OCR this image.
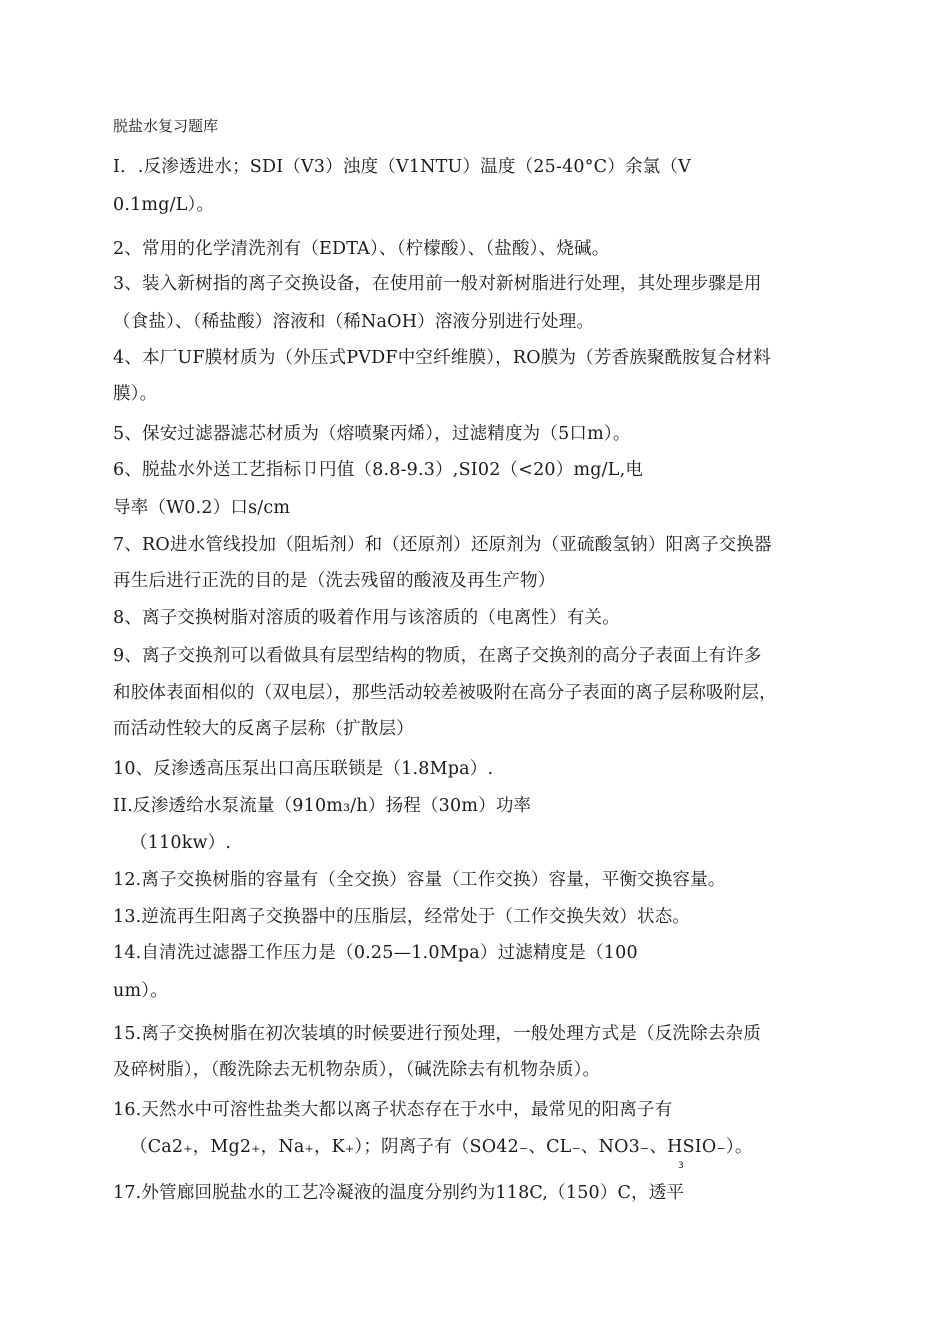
脱盐水复习题库
I．.反渗透进水；SDI（V3）浊度（V1NTU）温度（25-40°C）余氯（V
0.1mg/L）。
2、常用的化学清洗剂有（EDTA）、（柠檬酸）、（盐酸）、烧碱。
3、装入新树指的离子交换设备，在使用前一般对新树脂进行处理，其处理步骤是用
（食盐）、（稀盐酸）溶液和（稀NaOH）溶液分别进行处理。
4、本厂UF膜材质为（外压式PVDF中空纤维膜），RO膜为（芳香族聚酰胺复合材料
膜）。
5、保安过滤器滤芯材质为（熔喷聚丙烯），过滤精度为（5口m）。
6、脱盐水外送工艺指标卩円值（8.8-9.3）,SI02（<20）mg/L,电
导率（W0.2）口s/cm
7、RO进水管线投加（阻垢剂）和（还原剂）还原剂为（亚硫酸氢钠）阳离子交换器
再生后进行正洗的目的是（洗去残留的酸液及再生产物）
8、离子交换树脂对溶质的吸着作用与该溶质的（电离性）有关。
9、离子交换剂可以看做具有层型结构的物质，在离子交换剂的高分子表面上有许多
和胶体表面相似的（双电层），那些活动较差被吸附在高分子表面的离子层称吸附层，
而活动性较大的反离子层称（扩散层）
10、反渗透高压泵出口高压联锁是（1.8Mpa）.
II.反渗透给水泵流量（910m₃/h）扬程（30m）功率
（110kw）.
12.离子交换树脂的容量有（全交换）容量（工作交换）容量，平衡交换容量。
13.逆流再生阳离子交换器中的压脂层，经常处于（工作交换失效）状态。
14.自清洗过滤器工作压力是（0.25—1.0Mpa）过滤精度是（100
um）。
15.离子交换树脂在初次装填的时候要进行预处理，一般处理方式是（反洗除去杂质
及碎树脂），（酸洗除去无机物杂质），（碱洗除去有机物杂质）。
16.天然水中可溶性盐类大都以离子状态存在于水中，最常见的阳离子有
（Ca2₊，Mg2₊，Na₊，K₊）；阴离子有（SO42₋、CL₋、NO3₋、HSIO₋）。
3
17.外管廊回脱盐水的工艺冷凝液的温度分别约为118C,（150）C，透平
